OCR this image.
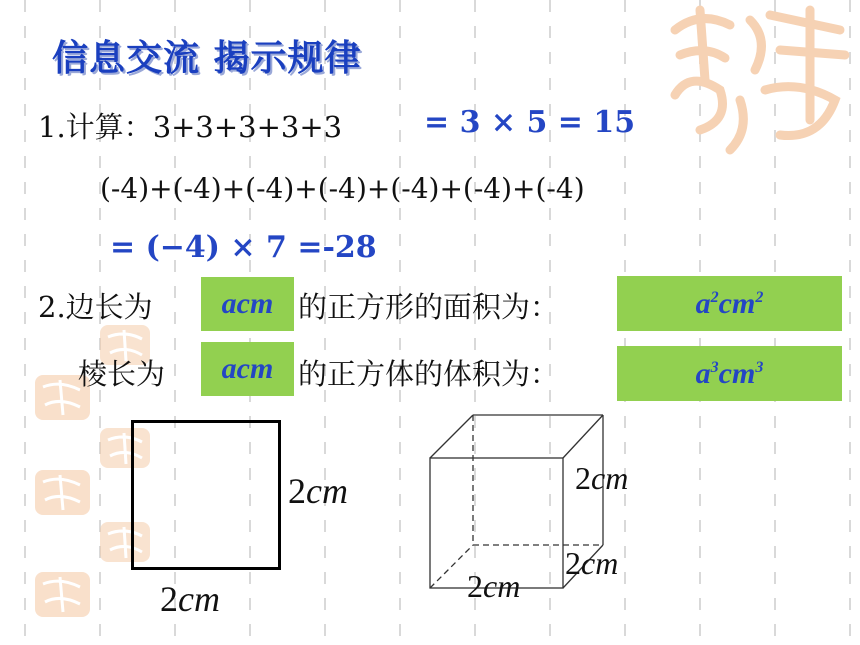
信息交流 揭示规律
1.计算：3+3+3+3+3	= 3 × 5 = 15
(-4)+(-4)+(-4)+(-4)+(-4)+(-4)+(-4)
= (−4) × 7 =-28
2.边长为 acm 的正方形的面积为：	$a^2cm^2$
棱长为 acm 的正方体的体积为：	$a^3cm^3$
2cm
2cm
2cm
2cm
2cm
